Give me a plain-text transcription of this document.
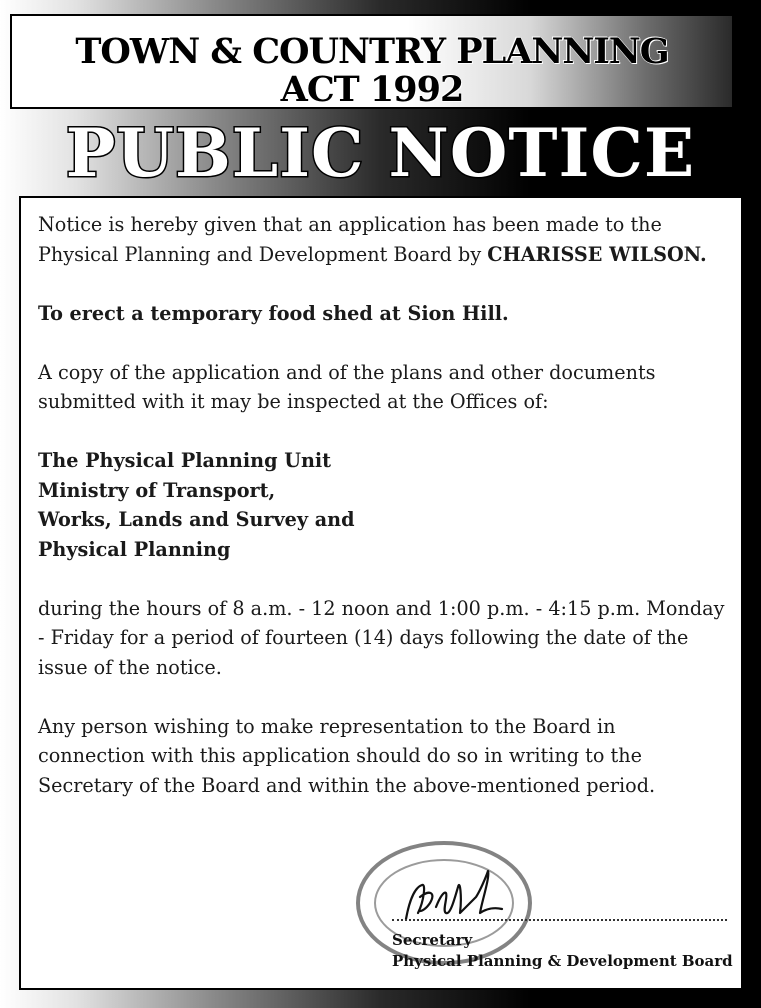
TOWN & COUNTRY PLANNING
ACT 1992
PUBLIC NOTICE

Notice is hereby given that an application has been made to the Physical Planning and Development Board by CHARISSE WILSON.

To erect a temporary food shed at Sion Hill.

A copy of the application and of the plans and other documents submitted with it may be inspected at the Offices of:

The Physical Planning Unit
Ministry of Transport,
Works, Lands and Survey and
Physical Planning

during the hours of 8 a.m. - 12 noon and 1:00 p.m. - 4:15 p.m. Monday - Friday for a period of fourteen (14) days following the date of the issue of the notice.

Any person wishing to make representation to the Board in connection with this application should do so in writing to the Secretary of the Board and within the above-mentioned period.

Secretary
Physical Planning & Development Board
